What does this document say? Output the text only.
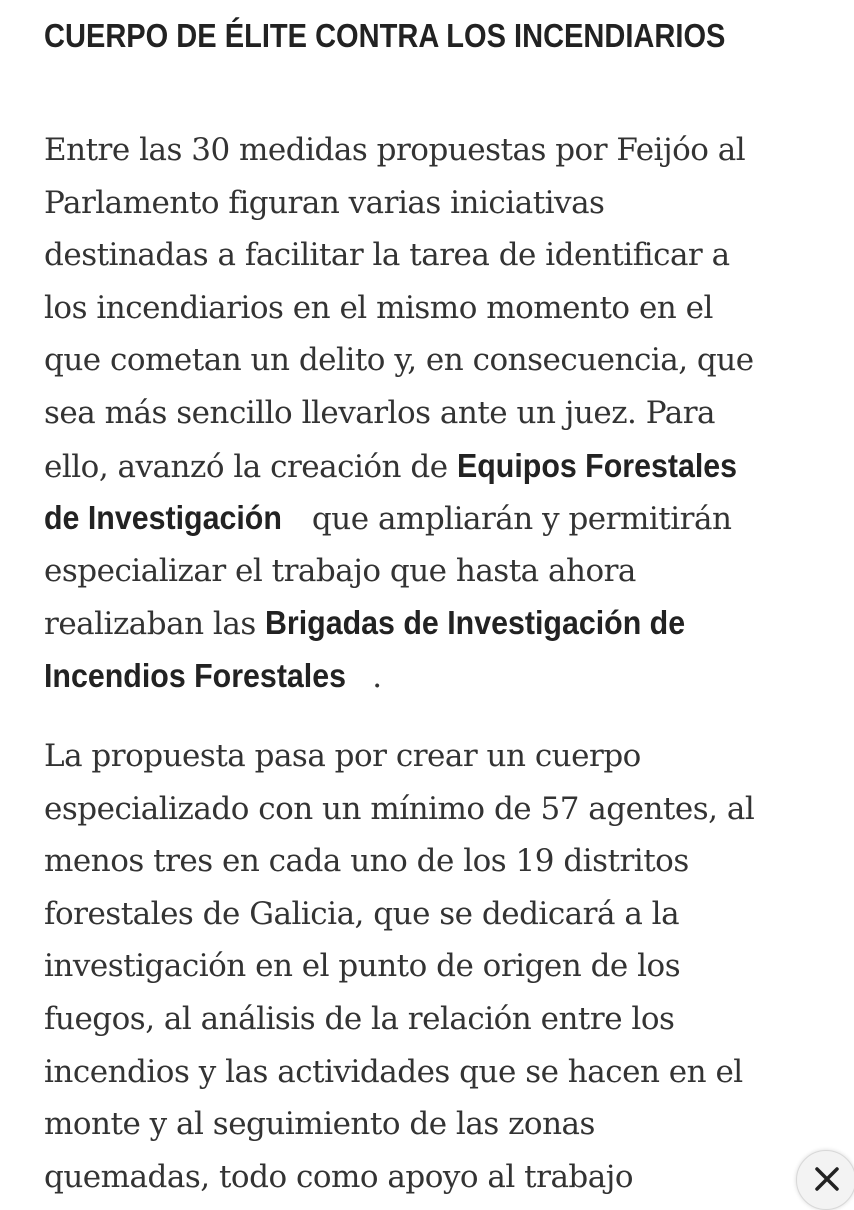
CUERPO DE ÉLITE CONTRA LOS INCENDIARIOS
Entre las 30 medidas propuestas por Feijóo al
Parlamento figuran varias iniciativas
destinadas a facilitar la tarea de identificar a
los incendiarios en el mismo momento en el
que cometan un delito y, en consecuencia, que
sea más sencillo llevarlos ante un juez. Para
ello, avanzó la creación de Equipos Forestales
de Investigación que ampliarán y permitirán
especializar el trabajo que hasta ahora
realizaban las Brigadas de Investigación de
Incendios Forestales .
La propuesta pasa por crear un cuerpo
especializado con un mínimo de 57 agentes, al
menos tres en cada uno de los 19 distritos
forestales de Galicia, que se dedicará a la
investigación en el punto de origen de los
fuegos, al análisis de la relación entre los
incendios y las actividades que se hacen en el
monte y al seguimiento de las zonas
quemadas, todo como apoyo al trabajo
